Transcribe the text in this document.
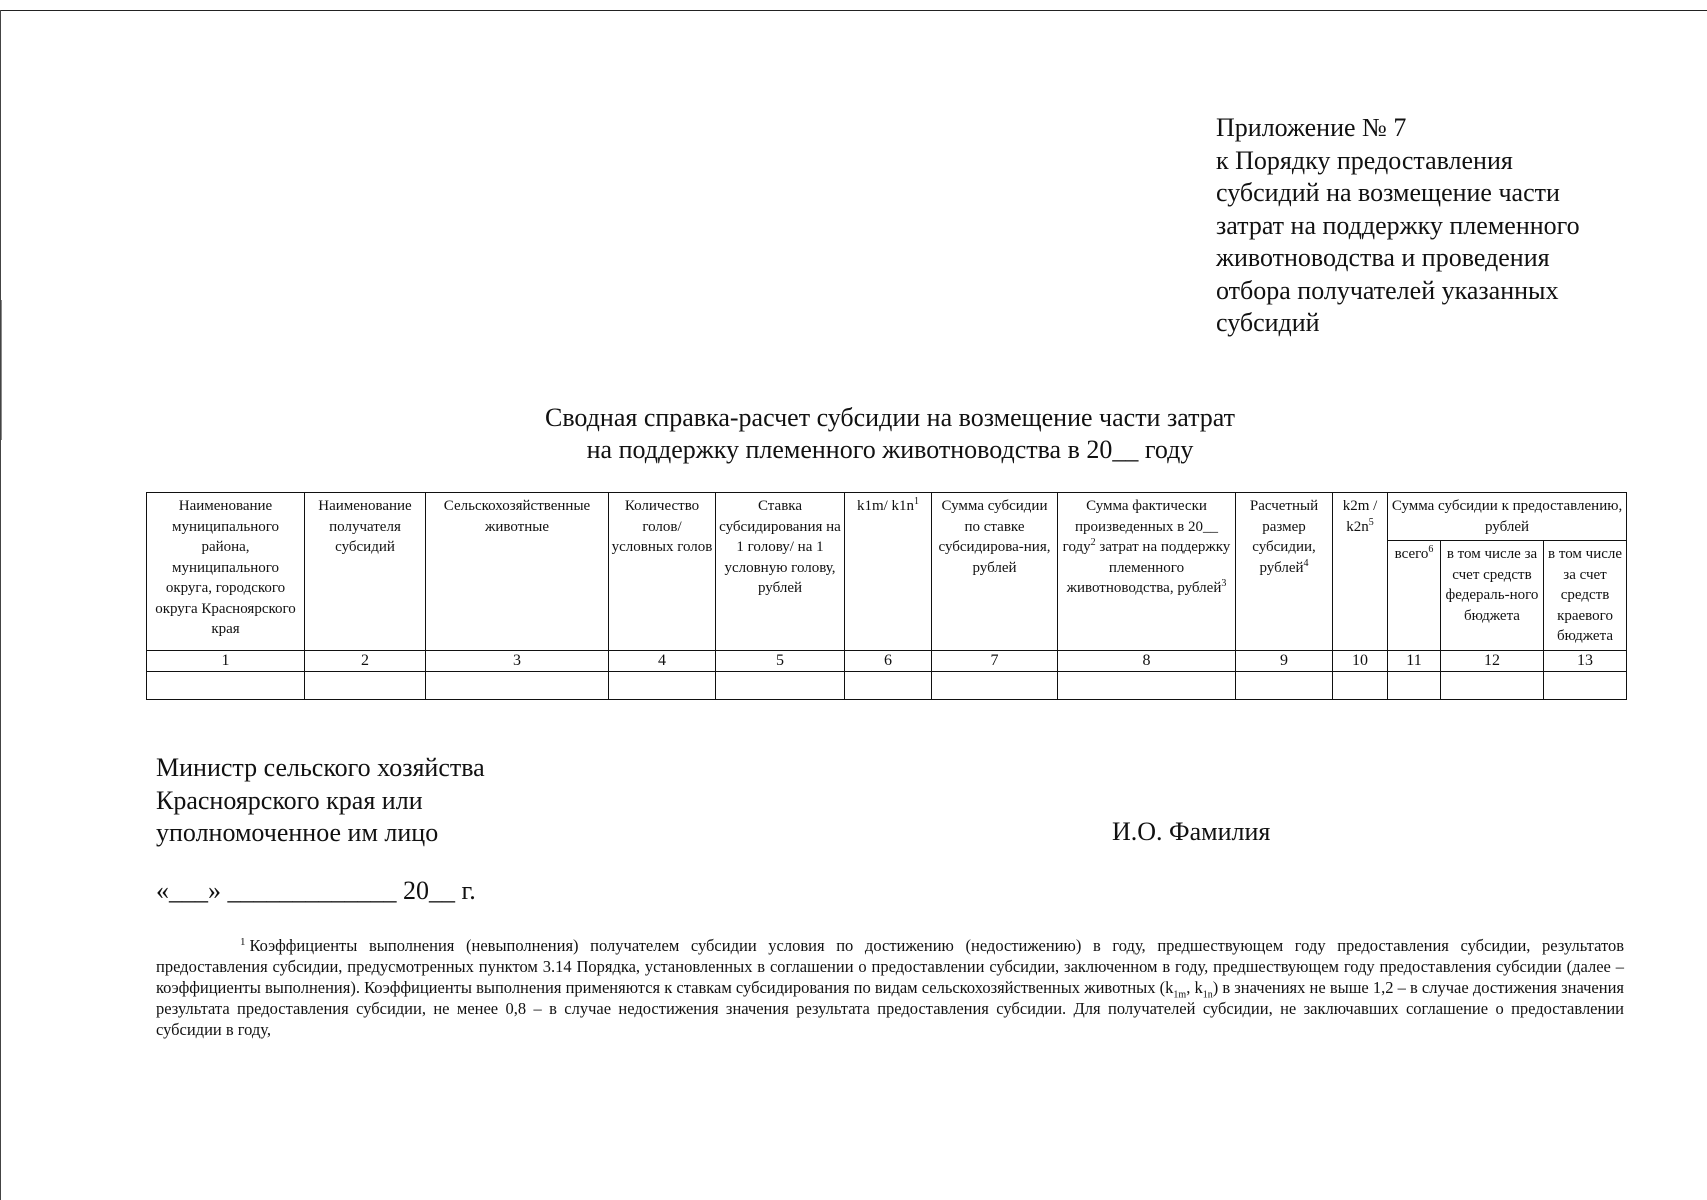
Приложение № 7
к Порядку предоставления
субсидий на возмещение части
затрат на поддержку племенного
животноводства и проведения
отбора получателей указанных
субсидий
Сводная справка-расчет субсидии на возмещение части затрат
на поддержку племенного животноводства в 20__ году
Наименование муниципального района, муниципального округа, городского округа Красноярского края	Наименование получателя субсидий	Сельскохозяйственные животные	Количество голов/ условных голов	Ставка субсидирования на 1 голову/ на 1 условную голову, рублей	k1m/ $k1n^1$	Сумма субсидии по ставке субсидирова-ния, рублей	Сумма фактически произведенных в 20__ году$^2$ затрат на поддержку племенного животноводства, рублей$^3$	Расчетный размер субсидии, рублей$^4$	$k2m / k2n^5$	Сумма субсидии к предоставлению, рублей		
										всего$^6$	в том числе за счет средств федераль-ного бюджета	в том числе за счет средств краевого бюджета
1	2	3	4	5	6	7	8	9	10	11	12	13

Министр сельского хозяйства
Красноярского края или
уполномоченное им лицо	И.О. Фамилия
«___» _____________ 20__ г.
$^1$ Коэффициенты выполнения (невыполнения) получателем субсидии условия по достижению (недостижению) в году, предшествующем году предоставления субсидии, результатов предоставления субсидии, предусмотренных пунктом 3.14 Порядка, установленных в соглашении о предоставлении субсидии, заключенном в году, предшествующем году предоставления субсидии (далее – коэффициенты выполнения). Коэффициенты выполнения применяются к ставкам субсидирования по видам сельскохозяйственных животных ($k_{1m}$, $k_{1n}$) в значениях не выше 1,2 – в случае достижения значения результата предоставления субсидии, не менее 0,8 – в случае недостижения значения результата предоставления субсидии. Для получателей субсидии, не заключавших соглашение о предоставлении субсидии в году,
